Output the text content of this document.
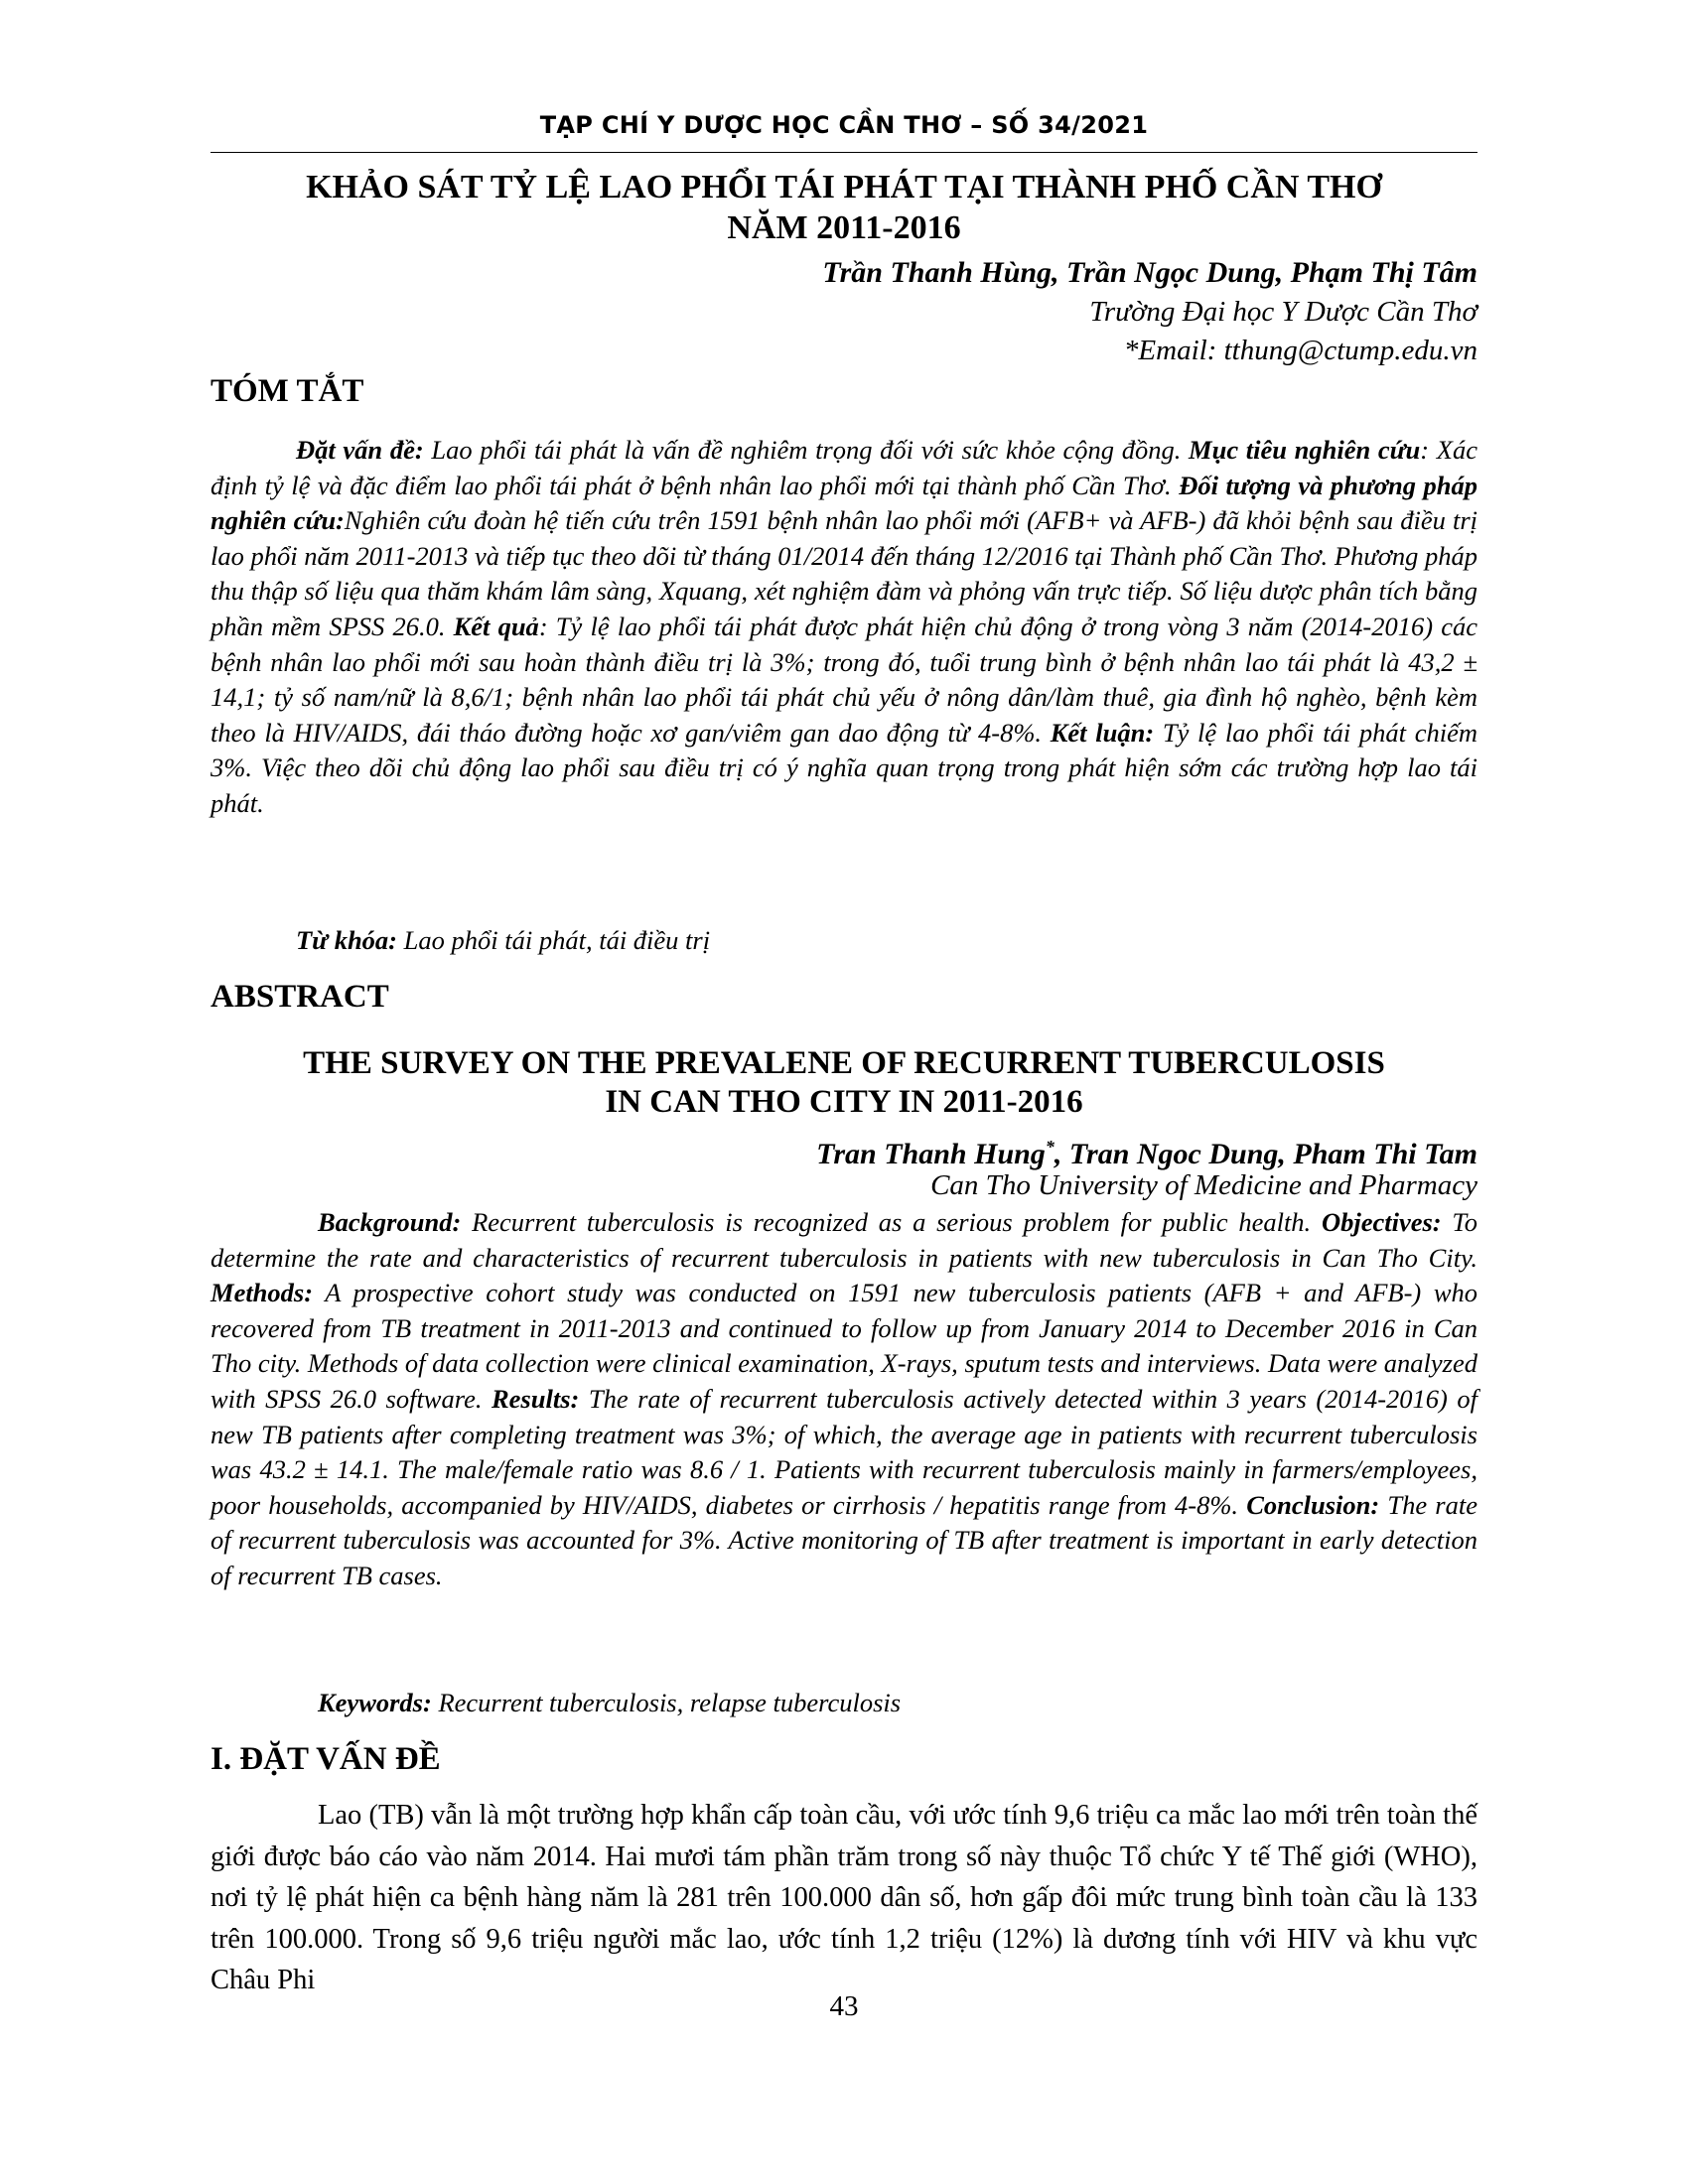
TẠP CHÍ Y DƯỢC HỌC CẦN THƠ – SỐ 34/2021
KHẢO SÁT TỶ LỆ LAO PHỔI TÁI PHÁT TẠI THÀNH PHỐ CẦN THƠ
NĂM 2011-2016
Trần Thanh Hùng, Trần Ngọc Dung, Phạm Thị Tâm
Trường Đại học Y Dược Cần Thơ
*Email: tthung@ctump.edu.vn
TÓM TẮT

Đặt vấn đề: Lao phổi tái phát là vấn đề nghiêm trọng đối với sức khỏe cộng đồng. Mục tiêu nghiên cứu: Xác định tỷ lệ và đặc điểm lao phổi tái phát ở bệnh nhân lao phổi mới tại thành phố Cần Thơ. Đối tượng và phương pháp nghiên cứu:Nghiên cứu đoàn hệ tiến cứu trên 1591 bệnh nhân lao phổi mới (AFB+ và AFB-) đã khỏi bệnh sau điều trị lao phổi năm 2011-2013 và tiếp tục theo dõi từ tháng 01/2014 đến tháng 12/2016 tại Thành phố Cần Thơ. Phương pháp thu thập số liệu qua thăm khám lâm sàng, Xquang, xét nghiệm đàm và phỏng vấn trực tiếp. Số liệu dược phân tích bằng phần mềm SPSS 26.0. Kết quả: Tỷ lệ lao phổi tái phát được phát hiện chủ động ở trong vòng 3 năm (2014-2016) các bệnh nhân lao phổi mới sau hoàn thành điều trị là 3%; trong đó, tuổi trung bình ở bệnh nhân lao tái phát là 43,2 ± 14,1; tỷ số nam/nữ là 8,6/1; bệnh nhân lao phổi tái phát chủ yếu ở nông dân/làm thuê, gia đình hộ nghèo, bệnh kèm theo là HIV/AIDS, đái tháo đường hoặc xơ gan/viêm gan dao động từ 4-8%. Kết luận: Tỷ lệ lao phổi tái phát chiếm 3%. Việc theo dõi chủ động lao phổi sau điều trị có ý nghĩa quan trọng trong phát hiện sớm các trường hợp lao tái phát.

Từ khóa: Lao phổi tái phát, tái điều trị
ABSTRACT
THE SURVEY ON THE PREVALENE OF RECURRENT TUBERCULOSIS
IN CAN THO CITY IN 2011-2016
Tran Thanh Hung*, Tran Ngoc Dung, Pham Thi Tam
Can Tho University of Medicine and Pharmacy

Background: Recurrent tuberculosis is recognized as a serious problem for public health. Objectives: To determine the rate and characteristics of recurrent tuberculosis in patients with new tuberculosis in Can Tho City. Methods: A prospective cohort study was conducted on 1591 new tuberculosis patients (AFB + and AFB-) who recovered from TB treatment in 2011-2013 and continued to follow up from January 2014 to December 2016 in Can Tho city. Methods of data collection were clinical examination, X-rays, sputum tests and interviews. Data were analyzed with SPSS 26.0 software. Results: The rate of recurrent tuberculosis actively detected within 3 years (2014-2016) of new TB patients after completing treatment was 3%; of which, the average age in patients with recurrent tuberculosis was 43.2 ± 14.1. The male/female ratio was 8.6 / 1. Patients with recurrent tuberculosis mainly in farmers/employees, poor households, accompanied by HIV/AIDS, diabetes or cirrhosis / hepatitis range from 4-8%. Conclusion: The rate of recurrent tuberculosis was accounted for 3%. Active monitoring of TB after treatment is important in early detection of recurrent TB cases.

Keywords: Recurrent tuberculosis, relapse tuberculosis
I. ĐẶT VẤN ĐỀ

Lao (TB) vẫn là một trường hợp khẩn cấp toàn cầu, với ước tính 9,6 triệu ca mắc lao mới trên toàn thế giới được báo cáo vào năm 2014. Hai mươi tám phần trăm trong số này thuộc Tổ chức Y tế Thế giới (WHO), nơi tỷ lệ phát hiện ca bệnh hàng năm là 281 trên 100.000 dân số, hơn gấp đôi mức trung bình toàn cầu là 133 trên 100.000. Trong số 9,6 triệu người mắc lao, ước tính 1,2 triệu (12%) là dương tính với HIV và khu vực Châu Phi

43
